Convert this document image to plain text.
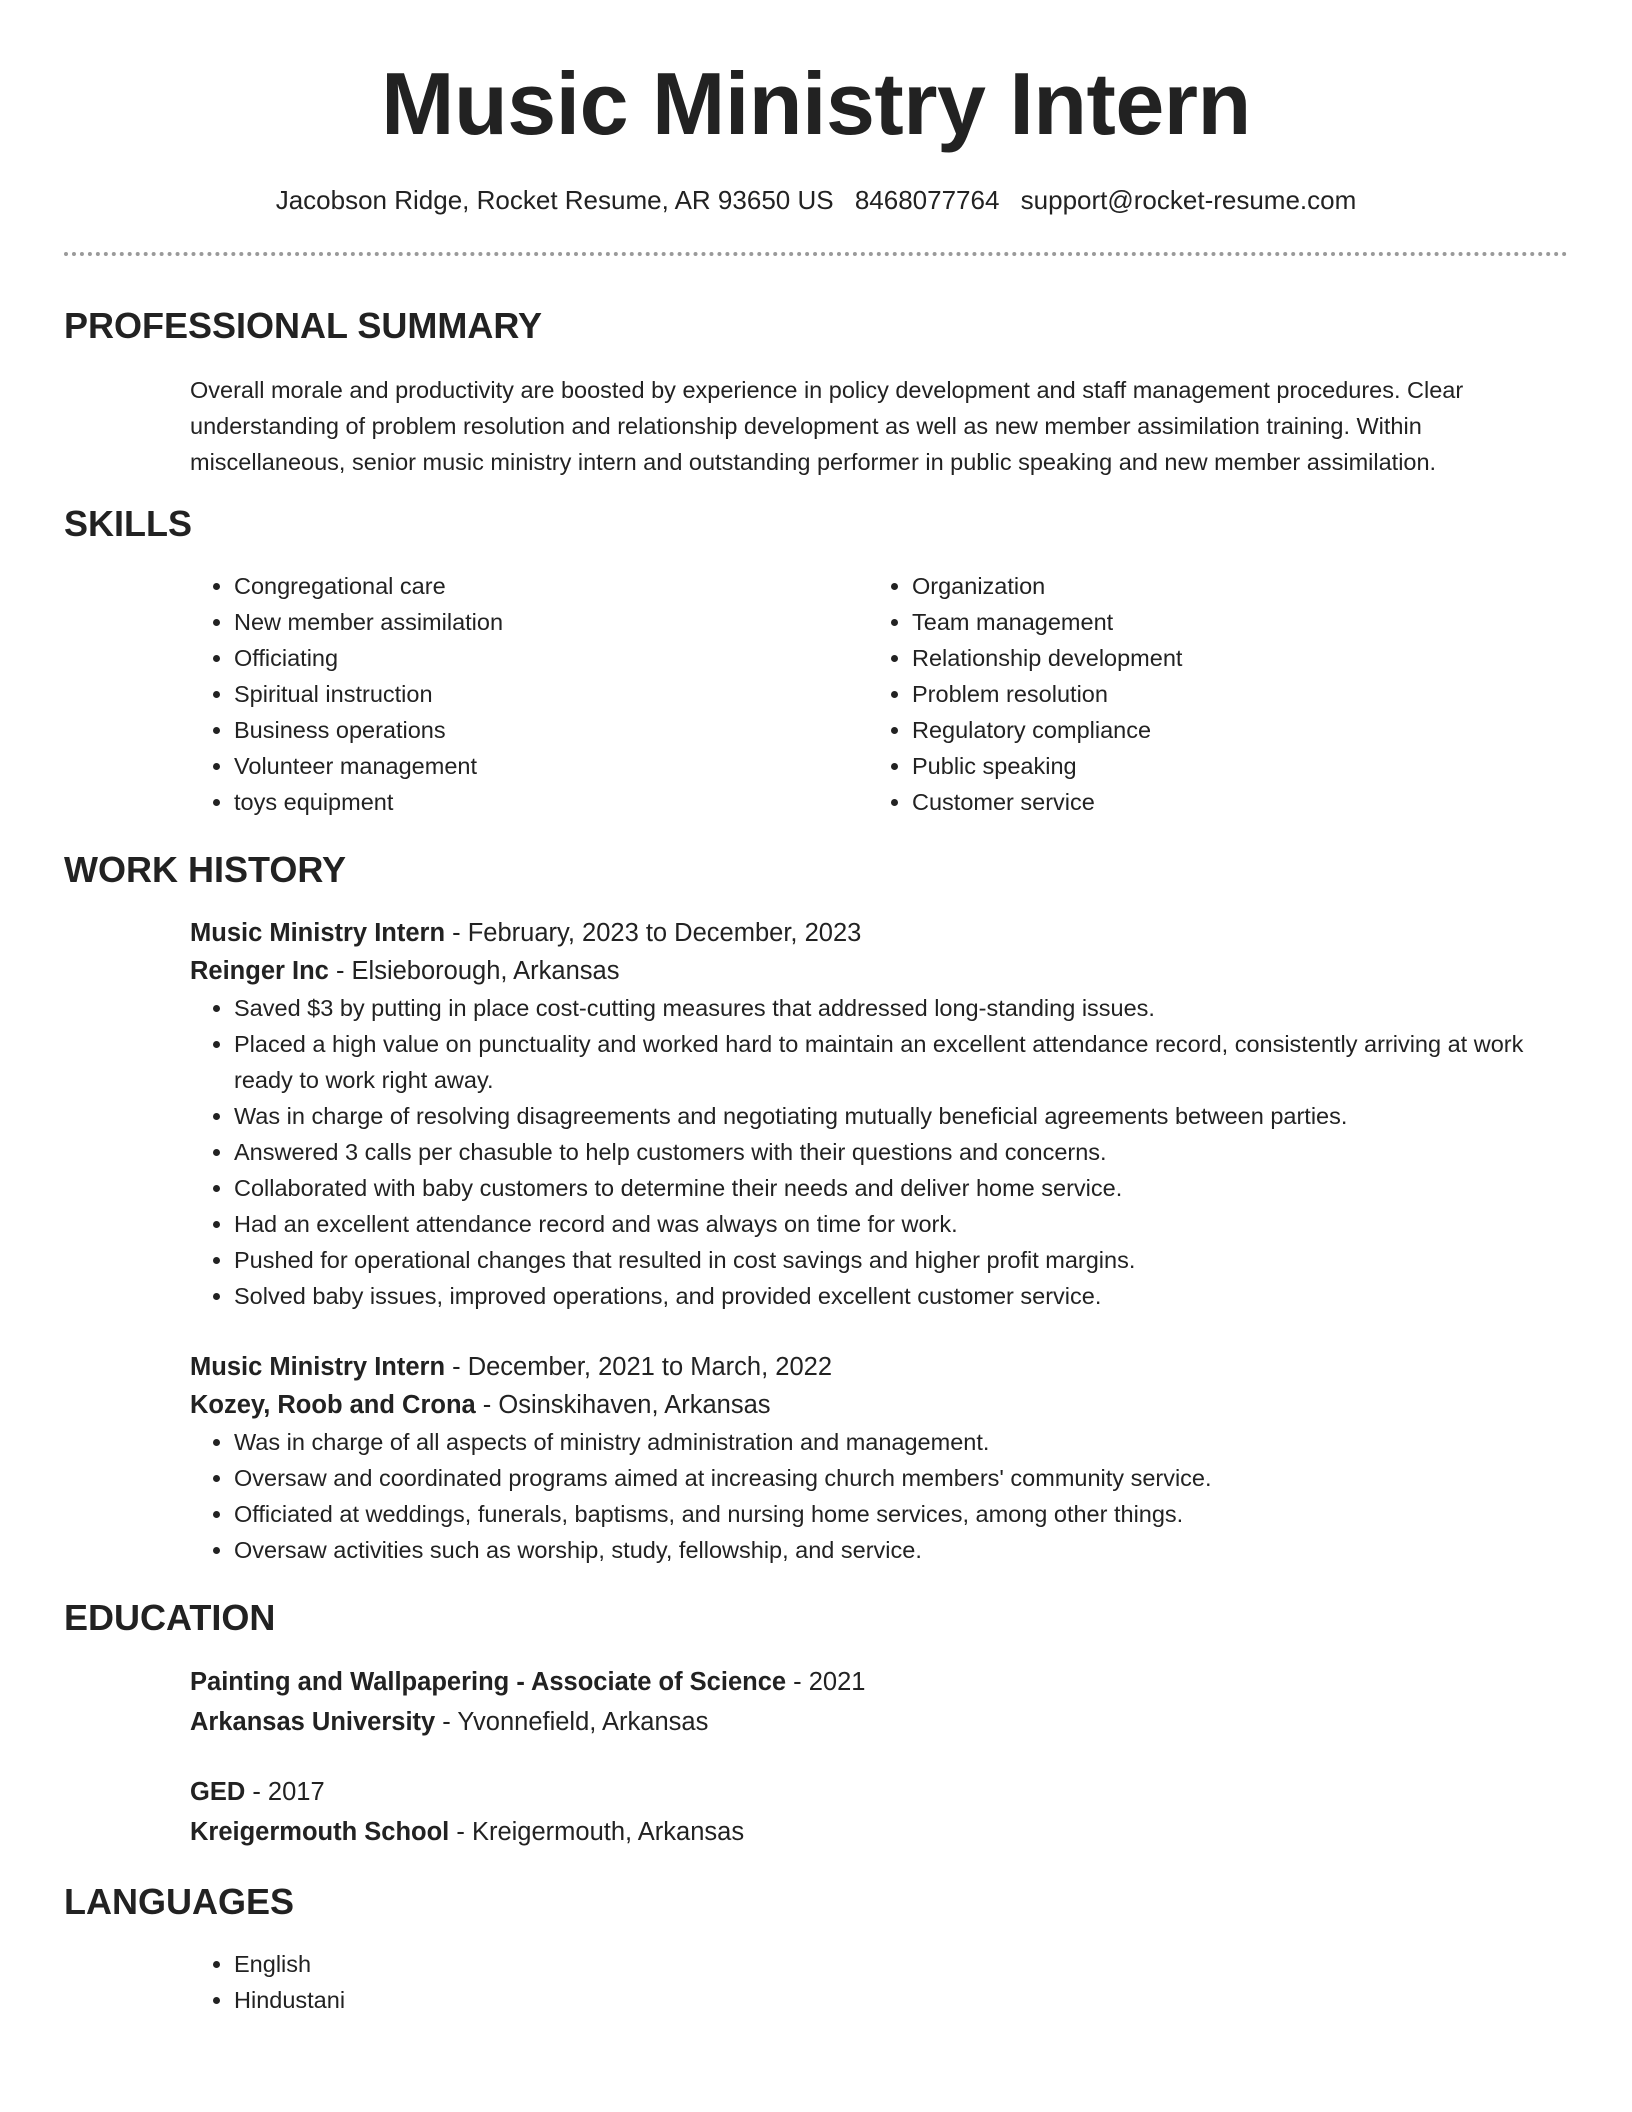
Music Ministry Intern
Jacobson Ridge, Rocket Resume, AR 93650 US 8468077764 support@rocket-resume.com
PROFESSIONAL SUMMARY
Overall morale and productivity are boosted by experience in policy development and staff management procedures. Clear understanding of problem resolution and relationship development as well as new member assimilation training. Within miscellaneous, senior music ministry intern and outstanding performer in public speaking and new member assimilation.
SKILLS
• Congregational care
• New member assimilation
• Officiating
• Spiritual instruction
• Business operations
• Volunteer management
• toys equipment
• Organization
• Team management
• Relationship development
• Problem resolution
• Regulatory compliance
• Public speaking
• Customer service
WORK HISTORY
Music Ministry Intern - February, 2023 to December, 2023
Reinger Inc - Elsieborough, Arkansas
• Saved $3 by putting in place cost-cutting measures that addressed long-standing issues.
• Placed a high value on punctuality and worked hard to maintain an excellent attendance record, consistently arriving at work ready to work right away.
• Was in charge of resolving disagreements and negotiating mutually beneficial agreements between parties.
• Answered 3 calls per chasuble to help customers with their questions and concerns.
• Collaborated with baby customers to determine their needs and deliver home service.
• Had an excellent attendance record and was always on time for work.
• Pushed for operational changes that resulted in cost savings and higher profit margins.
• Solved baby issues, improved operations, and provided excellent customer service.
Music Ministry Intern - December, 2021 to March, 2022
Kozey, Roob and Crona - Osinskihaven, Arkansas
• Was in charge of all aspects of ministry administration and management.
• Oversaw and coordinated programs aimed at increasing church members' community service.
• Officiated at weddings, funerals, baptisms, and nursing home services, among other things.
• Oversaw activities such as worship, study, fellowship, and service.
EDUCATION
Painting and Wallpapering - Associate of Science - 2021
Arkansas University - Yvonnefield, Arkansas
GED - 2017
Kreigermouth School - Kreigermouth, Arkansas
LANGUAGES
• English
• Hindustani
